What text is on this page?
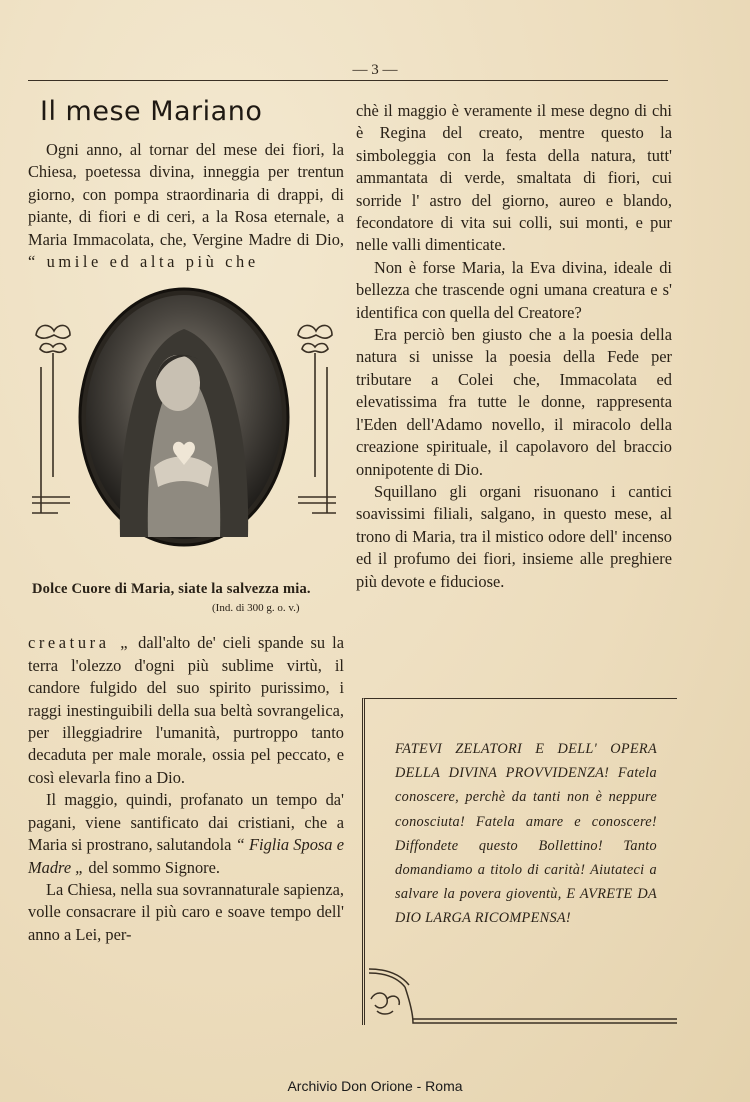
— 3 —
Il mese Mariano

Ogni anno, al tornar del mese dei fiori, la Chiesa, poetessa divina, inneggia per trentun giorno, con pompa straordinaria di drappi, di piante, di fiori e di ceri, a la Rosa eternale, a Maria Immacolata, che, Vergine Madre di Dio, “ umile ed alta più che

Dolce Cuore di Maria, siate la salvezza mia.
(Ind. di 300 g. o. v.)

creatura „ dall'alto de' cieli spande su la terra l'olezzo d'ogni più sublime virtù, il candore fulgido del suo spirito purissimo, i raggi inestinguibili della sua beltà sovrangelica, per illeggiadrire l'umanità, purtroppo tanto decaduta per male morale, ossia pel peccato, e così elevarla fino a Dio.

Il maggio, quindi, profanato un tempo da' pagani, viene santificato dai cristiani, che a Maria si prostrano, salutandola “ Figlia Sposa e Madre „ del sommo Signore.

La Chiesa, nella sua sovrannaturale sapienza, volle consacrare il più caro e soave tempo dell' anno a Lei, per-

chè il maggio è veramente il mese degno di chi è Regina del creato, mentre questo la simboleggia con la festa della natura, tutt' ammantata di verde, smaltata di fiori, cui sorride l' astro del giorno, aureo e blando, fecondatore di vita sui colli, sui monti, e pur nelle valli dimenticate.

Non è forse Maria, la Eva divina, ideale di bellezza che trascende ogni umana creatura e s' identifica con quella del Creatore?

Era perciò ben giusto che a la poesia della natura si unisse la poesia della Fede per tributare a Colei che, Immacolata ed elevatissima fra tutte le donne, rappresenta l'Eden dell'Adamo novello, il miracolo della creazione spirituale, il capolavoro del braccio onnipotente di Dio.

Squillano gli organi risuonano i cantici soavissimi filiali, salgano, in questo mese, al trono di Maria, tra il mistico odore dell' incenso ed il profumo dei fiori, insieme alle preghiere più devote e fiduciose.

FATEVI ZELATORI E DELL' OPERA DELLA DIVINA PROVVIDENZA! Fatela conoscere, perchè da tanti non è neppure conosciuta! Fatela amare e conoscere! Diffondete questo Bollettino! Tanto domandiamo a titolo di carità! Aiutateci a salvare la povera gioventù, E AVRETE DA DIO LARGA RICOMPENSA!

Archivio Don Orione - Roma
